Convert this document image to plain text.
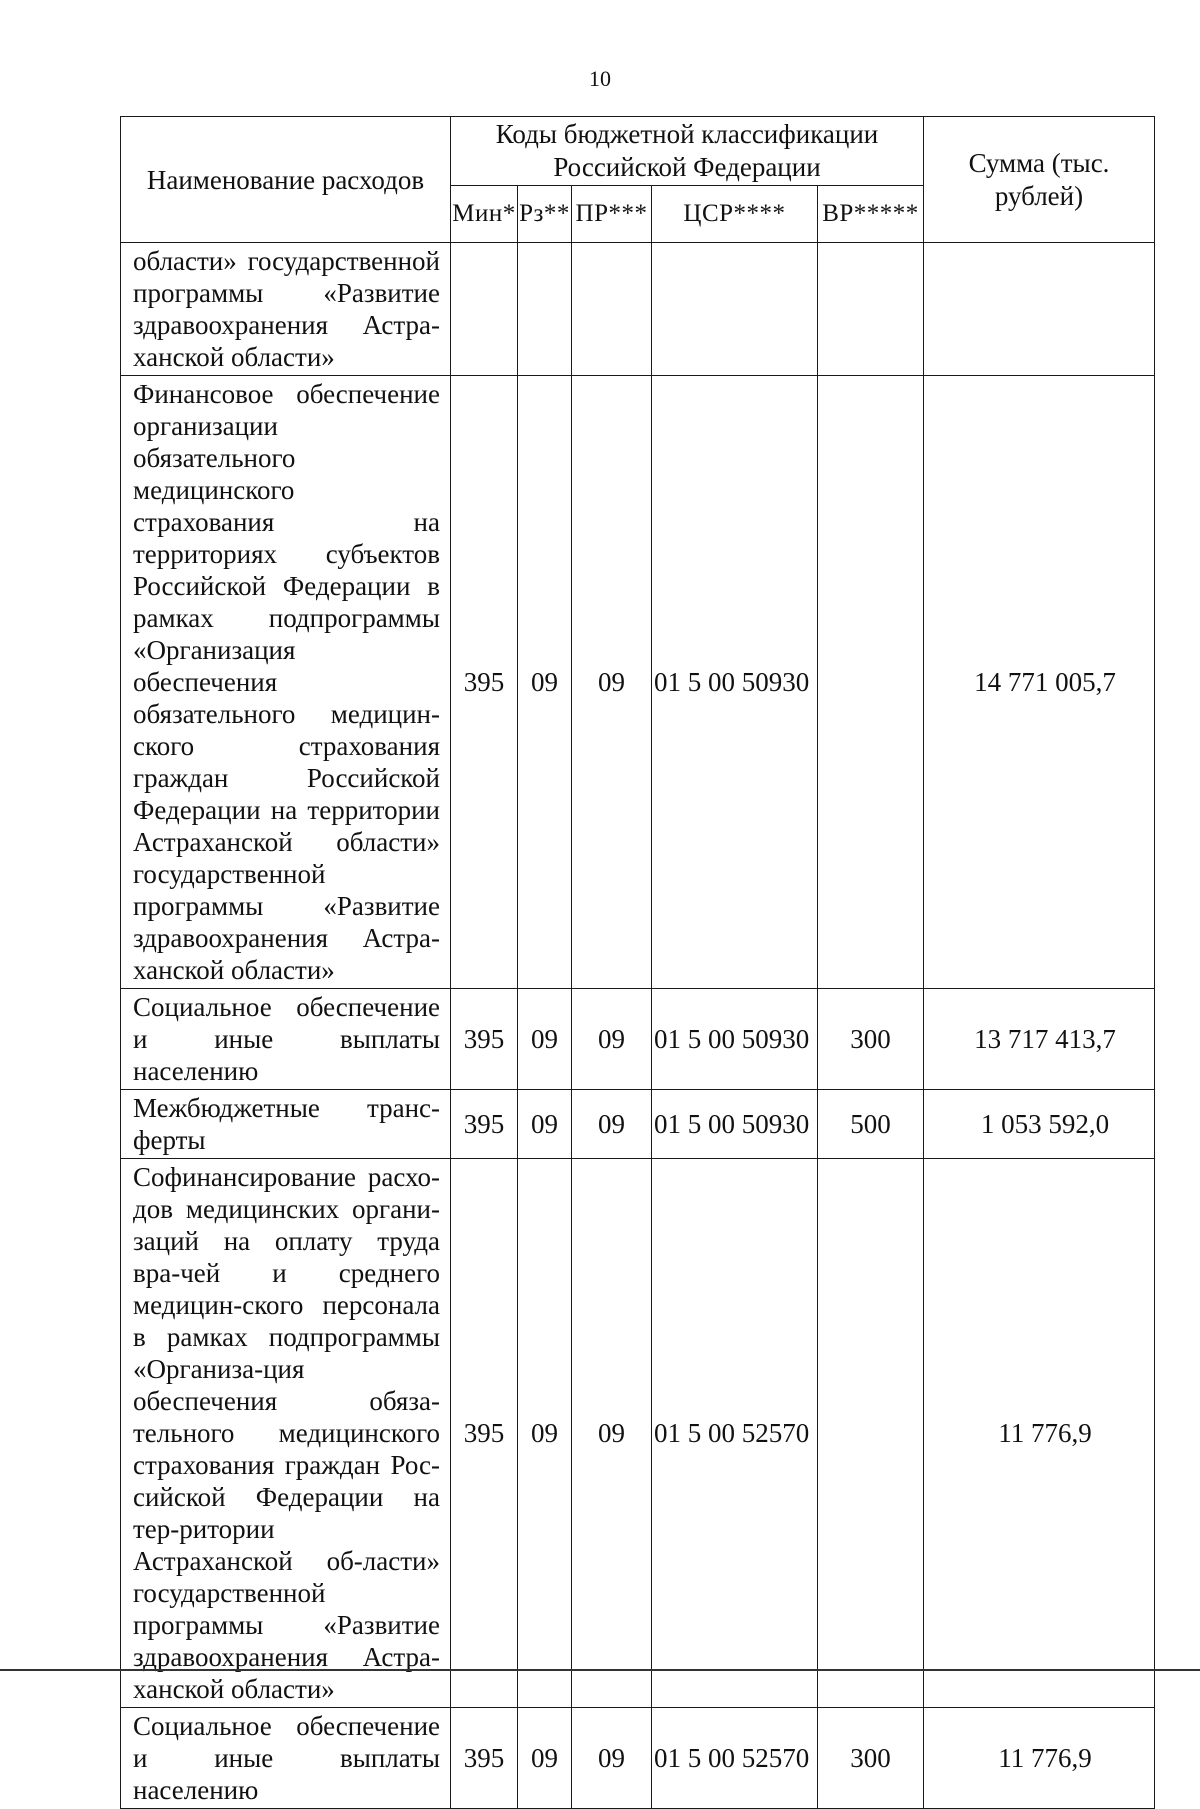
10
Наименование расходов	Коды бюджетной классификации Российской Федерации					Сумма (тыс. рублей)
	Мин*	Рз**	ПР***	ЦСР****	ВР*****	
области» государственной программы «Развитие здравоохранения Астра-ханской области»						
Финансовое обеспечение организации обязательного медицинского страхования на территориях субъектов Российской Федерации в рамках подпрограммы «Организация обеспечения обязательного медицин-ского страхования граждан Российской Федерации на территории Астраханской области» государственной программы «Развитие здравоохранения Астра-ханской области»	395	09	09	01 5 00 50930		14 771 005,7
Социальное обеспечение и иные выплаты населению	395	09	09	01 5 00 50930	300	13 717 413,7
Межбюджетные транс-ферты	395	09	09	01 5 00 50930	500	1 053 592,0
Софинансирование расхо-дов медицинских органи-заций на оплату труда вра-чей и среднего медицин-ского персонала в рамках подпрограммы «Организа-ция обеспечения обяза-тельного медицинского страхования граждан Рос-сийской Федерации на тер-ритории Астраханской об-ласти» государственной программы «Развитие здравоохранения Астра-ханской области»	395	09	09	01 5 00 52570		11 776,9
Социальное обеспечение и иные выплаты населению	395	09	09	01 5 00 52570	300	11 776,9
